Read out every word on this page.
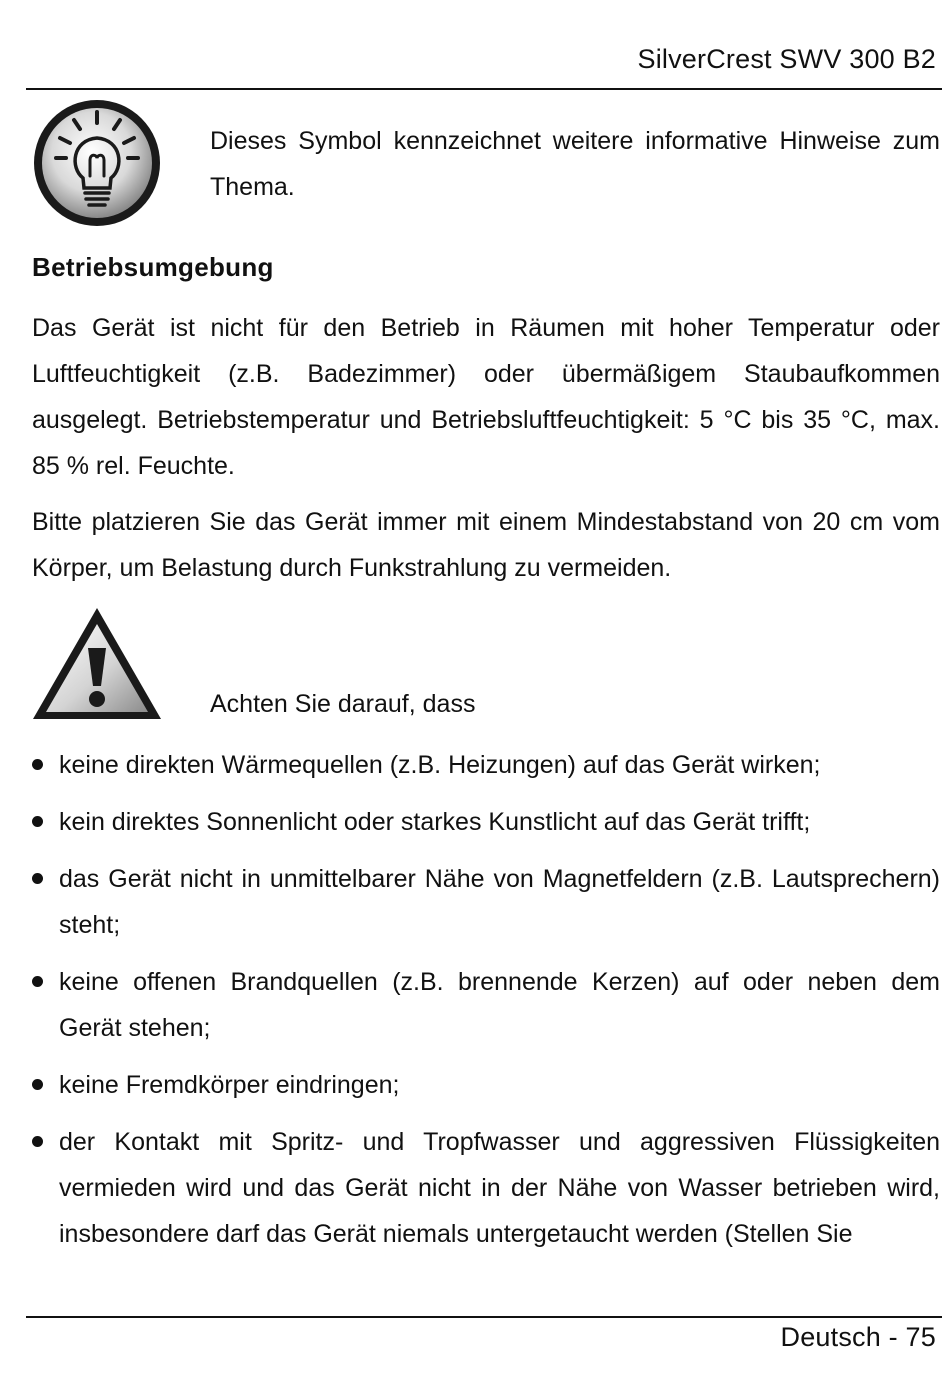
SilverCrest SWV 300 B2
Dieses Symbol kennzeichnet weitere informative Hinweise zum Thema.
Betriebsumgebung
Das Gerät ist nicht für den Betrieb in Räumen mit hoher Temperatur oder Luftfeuchtigkeit (z.B. Badezimmer) oder übermäßigem Staubaufkommen ausgelegt. Betriebstemperatur und Betriebsluftfeuchtigkeit: 5 °C bis 35 °C, max. 85 % rel. Feuchte.
Bitte platzieren Sie das Gerät immer mit einem Mindestabstand von 20 cm vom Körper, um Belastung durch Funkstrahlung zu vermeiden.
Achten Sie darauf, dass
keine direkten Wärmequellen (z.B. Heizungen) auf das Gerät wirken;
kein direktes Sonnenlicht oder starkes Kunstlicht auf das Gerät trifft;
das Gerät nicht in unmittelbarer Nähe von Magnetfeldern (z.B. Lautsprechern) steht;
keine offenen Brandquellen (z.B. brennende Kerzen) auf oder neben dem Gerät stehen;
keine Fremdkörper eindringen;
der Kontakt mit Spritz- und Tropfwasser und aggressiven Flüssigkeiten vermieden wird und das Gerät nicht in der Nähe von Wasser betrieben wird, insbesondere darf das Gerät niemals untergetaucht werden (Stellen Sie
Deutsch - 75
